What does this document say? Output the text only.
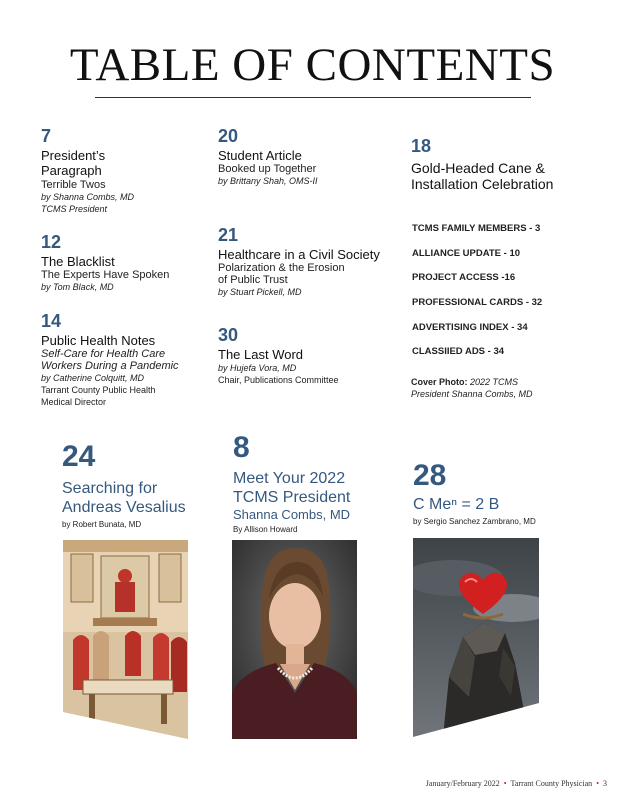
TABLE OF CONTENTS
7
President’s
Paragraph
Terrible Twos
by Shanna Combs, MD
TCMS President
12
The Blacklist
The Experts Have Spoken
by Tom Black, MD
14
Public Health Notes
Self-Care for Health Care
Workers During a Pandemic
by Catherine Colquitt, MD
Tarrant County Public Health
Medical Director
20
Student Article
Booked up Together
by Brittany Shah, OMS-II
21
Healthcare in a Civil Society
Polarization & the Erosion
of Public Trust
by Stuart Pickell, MD
30
The Last Word
by Hujefa Vora, MD
Chair, Publications Committee
18
Gold-Headed Cane &
Installation Celebration
TCMS FAMILY MEMBERS - 3
ALLIANCE UPDATE - 10
PROJECT ACCESS -16
PROFESSIONAL CARDS - 32
ADVERTISING INDEX - 34
CLASSIIED ADS - 34
Cover Photo: 2022 TCMS
President Shanna Combs, MD
24
Searching for
Andreas Vesalius
by Robert Bunata, MD
8
Meet Your 2022
TCMS President
Shanna Combs, MD
By Allison Howard
28
C Meⁿ = 2 B
by Sergio Sanchez Zambrano, MD
January/February 2022 • Tarrant County Physician • 3
